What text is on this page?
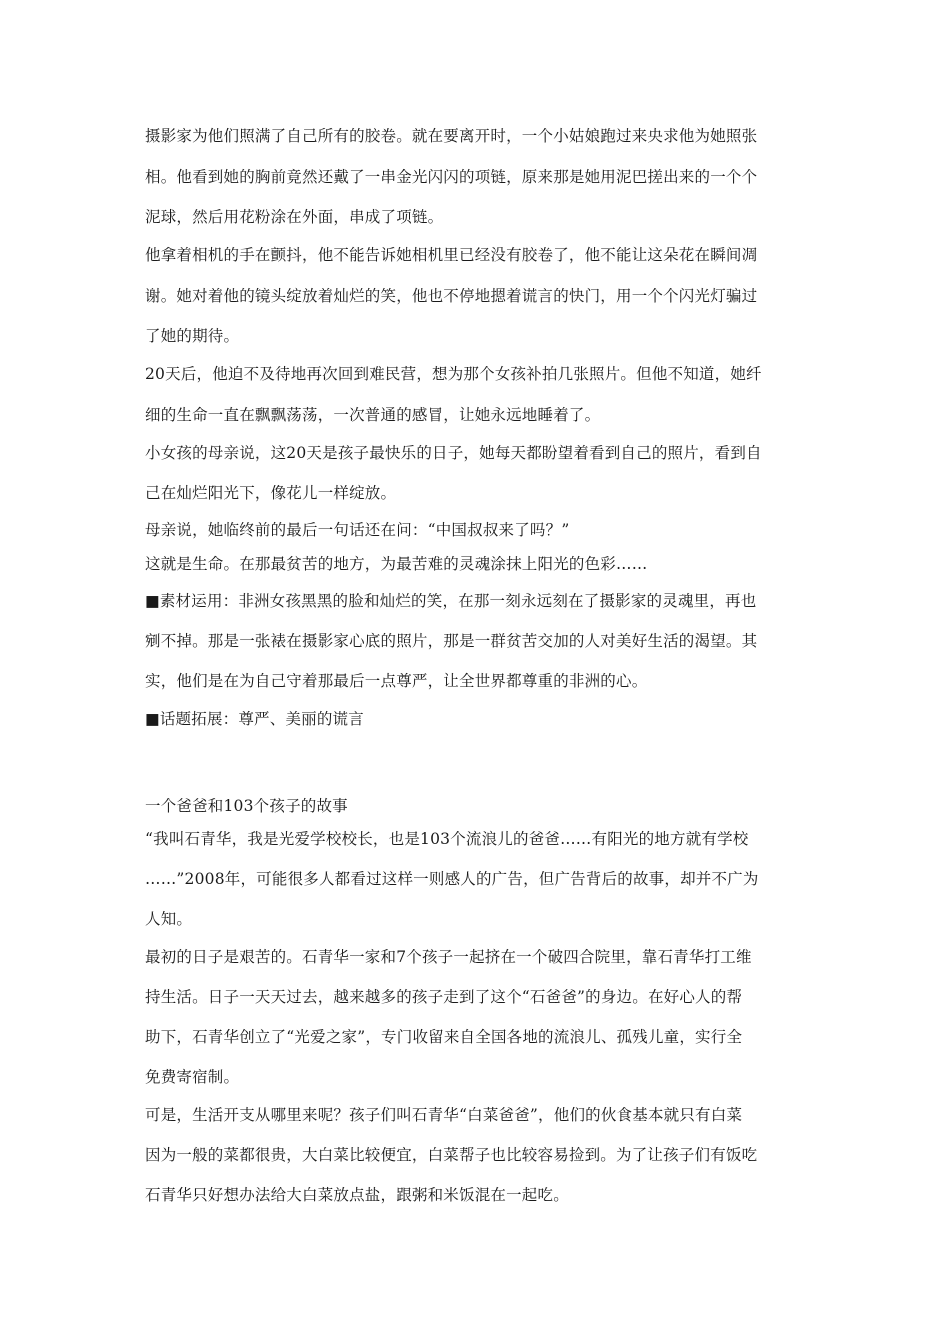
摄影家为他们照满了自己所有的胶卷。就在要离开时，一个小姑娘跑过来央求他为她照张
相。他看到她的胸前竟然还戴了一串金光闪闪的项链，原来那是她用泥巴搓出来的一个个
泥球，然后用花粉涂在外面，串成了项链。
他拿着相机的手在颤抖，他不能告诉她相机里已经没有胶卷了，他不能让这朵花在瞬间凋
谢。她对着他的镜头绽放着灿烂的笑，他也不停地摁着谎言的快门，用一个个闪光灯骗过
了她的期待。
20天后，他迫不及待地再次回到难民营，想为那个女孩补拍几张照片。但他不知道，她纤
细的生命一直在飘飘荡荡，一次普通的感冒，让她永远地睡着了。
小女孩的母亲说，这20天是孩子最快乐的日子，她每天都盼望着看到自己的照片，看到自
己在灿烂阳光下，像花儿一样绽放。
母亲说，她临终前的最后一句话还在问：“中国叔叔来了吗？”
这就是生命。在那最贫苦的地方，为最苦难的灵魂涂抹上阳光的色彩……
■素材运用：非洲女孩黑黑的脸和灿烂的笑，在那一刻永远刻在了摄影家的灵魂里，再也
剜不掉。那是一张裱在摄影家心底的照片，那是一群贫苦交加的人对美好生活的渴望。其
实，他们是在为自己守着那最后一点尊严，让全世界都尊重的非洲的心。
■话题拓展：尊严、美丽的谎言
一个爸爸和103个孩子的故事
“我叫石青华，我是光爱学校校长，也是103个流浪儿的爸爸……有阳光的地方就有学校
……”2008年，可能很多人都看过这样一则感人的广告，但广告背后的故事，却并不广为
人知。
最初的日子是艰苦的。石青华一家和7个孩子一起挤在一个破四合院里，靠石青华打工维
持生活。日子一天天过去，越来越多的孩子走到了这个“石爸爸”的身边。在好心人的帮
助下，石青华创立了“光爱之家”，专门收留来自全国各地的流浪儿、孤残儿童，实行全
免费寄宿制。
可是，生活开支从哪里来呢？孩子们叫石青华“白菜爸爸”，他们的伙食基本就只有白菜
因为一般的菜都很贵，大白菜比较便宜，白菜帮子也比较容易捡到。为了让孩子们有饭吃
石青华只好想办法给大白菜放点盐，跟粥和米饭混在一起吃。
